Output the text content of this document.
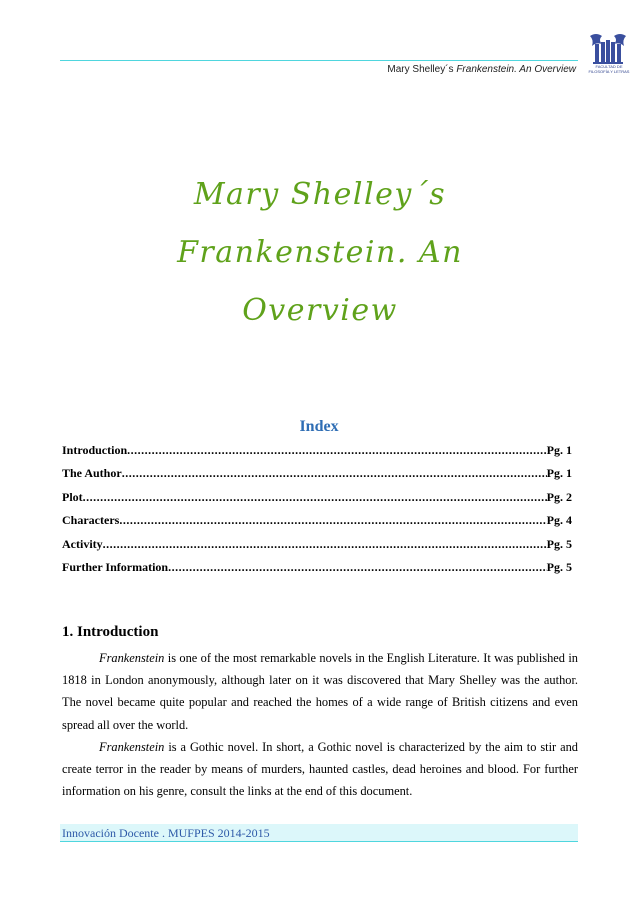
Mary Shelley´s Frankenstein. An Overview	FACULTAD DE
FILOSOFÍA Y LETRAS
Mary Shelley´s
Frankenstein. An
Overview
Index
Introduction .....	Pg. 1
The Author .....	Pg. 1
Plot .....	Pg. 2
Characters .....	Pg. 4
Activity .....	Pg. 5
Further Information .....	Pg. 5
1. Introduction
Frankenstein is one of the most remarkable novels in the English Literature. It was published in 1818 in London anonymously, although later on it was discovered that Mary Shelley was the author. The novel became quite popular and reached the homes of a wide range of British citizens and even spread all over the world.
Frankenstein is a Gothic novel. In short, a Gothic novel is characterized by the aim to stir and create terror in the reader by means of murders, haunted castles, dead heroines and blood. For further information on his genre, consult the links at the end of this document.
Innovación Docente . MUFPES 2014-2015
